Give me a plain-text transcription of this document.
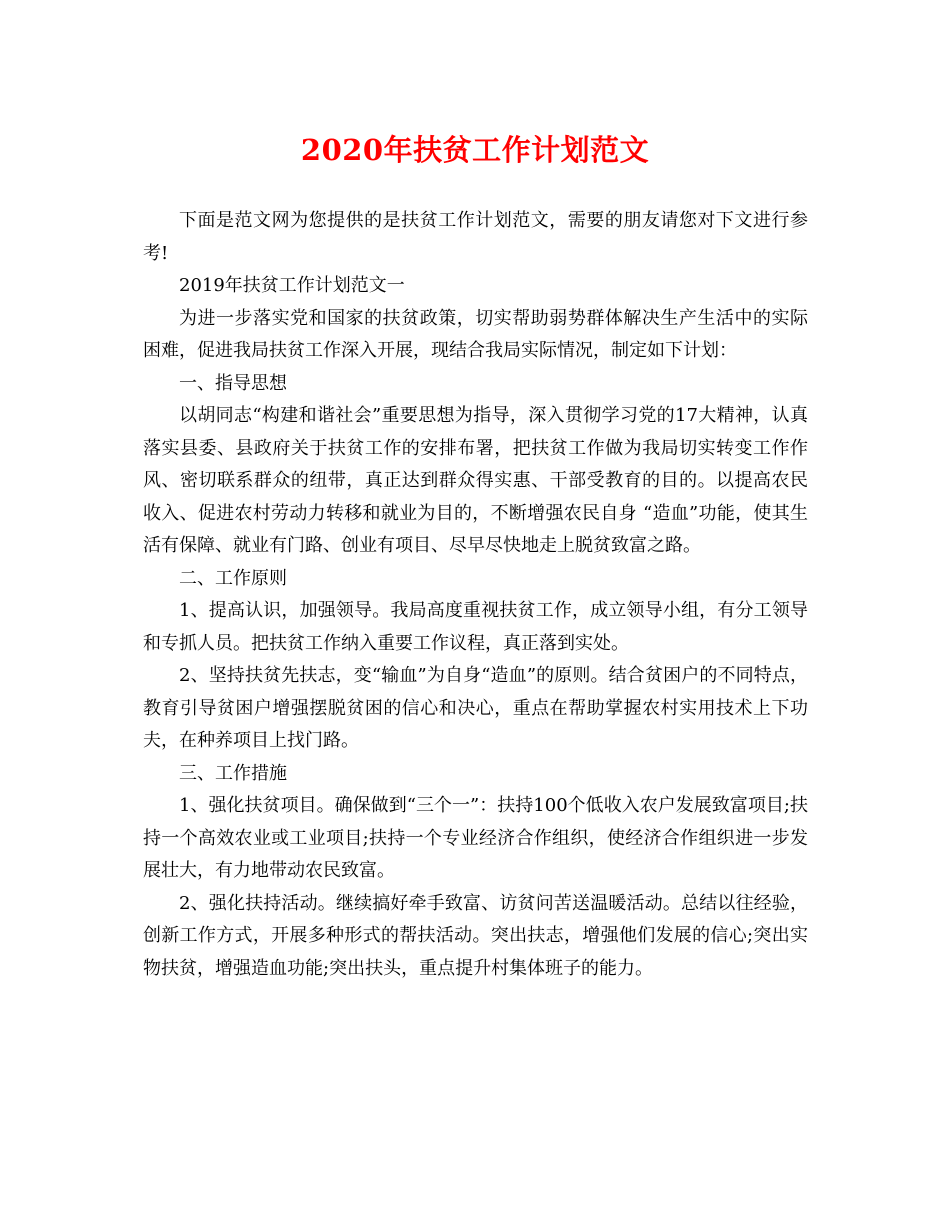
2020年扶贫工作计划范文

下面是范文网为您提供的是扶贫工作计划范文，需要的朋友请您对下文进行参考!

2019年扶贫工作计划范文一

为进一步落实党和国家的扶贫政策，切实帮助弱势群体解决生产生活中的实际困难，促进我局扶贫工作深入开展，现结合我局实际情况，制定如下计划：

一、指导思想

以胡同志“构建和谐社会”重要思想为指导，深入贯彻学习党的17大精神，认真落实县委、县政府关于扶贫工作的安排布署，把扶贫工作做为我局切实转变工作作风、密切联系群众的纽带，真正达到群众得实惠、干部受教育的目的。以提高农民收入、促进农村劳动力转移和就业为目的，不断增强农民自身 “造血”功能，使其生活有保障、就业有门路、创业有项目、尽早尽快地走上脱贫致富之路。

二、工作原则

1、提高认识，加强领导。我局高度重视扶贫工作，成立领导小组，有分工领导和专抓人员。把扶贫工作纳入重要工作议程，真正落到实处。

2、坚持扶贫先扶志，变“输血”为自身“造血”的原则。结合贫困户的不同特点，教育引导贫困户增强摆脱贫困的信心和决心，重点在帮助掌握农村实用技术上下功夫，在种养项目上找门路。

三、工作措施

1、强化扶贫项目。确保做到“三个一”：扶持100个低收入农户发展致富项目;扶持一个高效农业或工业项目;扶持一个专业经济合作组织，使经济合作组织进一步发展壮大，有力地带动农民致富。

2、强化扶持活动。继续搞好牵手致富、访贫问苦送温暖活动。总结以往经验，创新工作方式，开展多种形式的帮扶活动。突出扶志，增强他们发展的信心;突出实物扶贫，增强造血功能;突出扶头，重点提升村集体班子的能力。
